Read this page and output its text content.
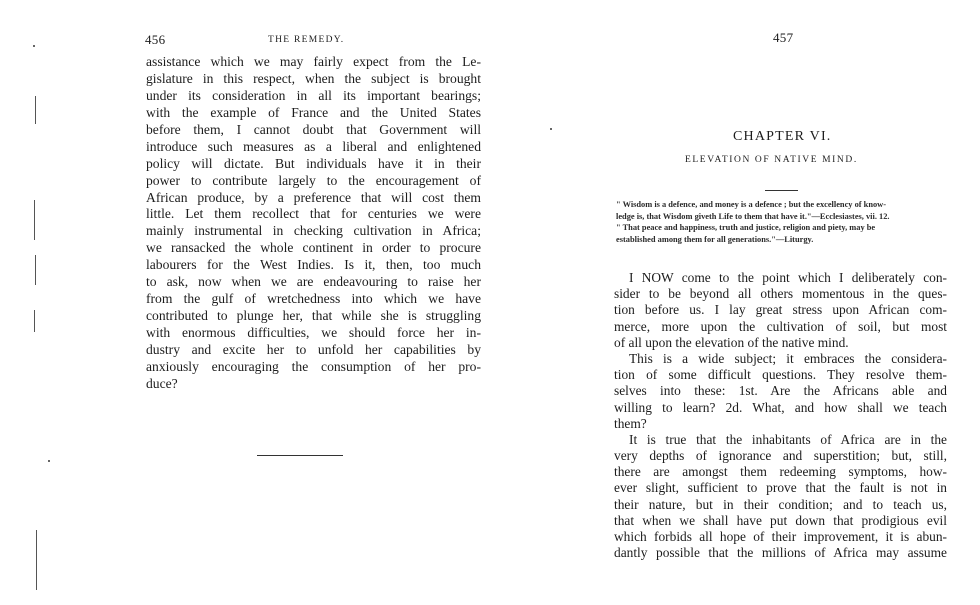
456	THE REMEDY.
assistance which we may fairly expect from the Le-
gislature in this respect, when the subject is brought
under its consideration in all its important bearings;
with the example of France and the United States
before them, I cannot doubt that Government will
introduce such measures as a liberal and enlightened
policy will dictate. But individuals have it in their
power to contribute largely to the encouragement of
African produce, by a preference that will cost them
little. Let them recollect that for centuries we were
mainly instrumental in checking cultivation in Africa;
we ransacked the whole continent in order to procure
labourers for the West Indies. Is it, then, too much
to ask, now when we are endeavouring to raise her
from the gulf of wretchedness into which we have
contributed to plunge her, that while she is struggling
with enormous difficulties, we should force her in-
dustry and excite her to unfold her capabilities by
anxiously encouraging the consumption of her pro-
duce?
457
CHAPTER VI.
ELEVATION OF NATIVE MIND.
" Wisdom is a defence, and money is a defence ; but the excellency of know-
ledge is, that Wisdom giveth Life to them that have it."—Ecclesiastes, vii. 12.
" That peace and happiness, truth and justice, religion and piety, may be
established among them for all generations."—Liturgy.
I NOW come to the point which I deliberately con-
sider to be beyond all others momentous in the ques-
tion before us. I lay great stress upon African com-
merce, more upon the cultivation of soil, but most
of all upon the elevation of the native mind.
This is a wide subject; it embraces the considera-
tion of some difficult questions. They resolve them-
selves into these: 1st. Are the Africans able and
willing to learn? 2d. What, and how shall we teach
them?
It is true that the inhabitants of Africa are in the
very depths of ignorance and superstition; but, still,
there are amongst them redeeming symptoms, how-
ever slight, sufficient to prove that the fault is not in
their nature, but in their condition; and to teach us,
that when we shall have put down that prodigious evil
which forbids all hope of their improvement, it is abun-
dantly possible that the millions of Africa may assume
